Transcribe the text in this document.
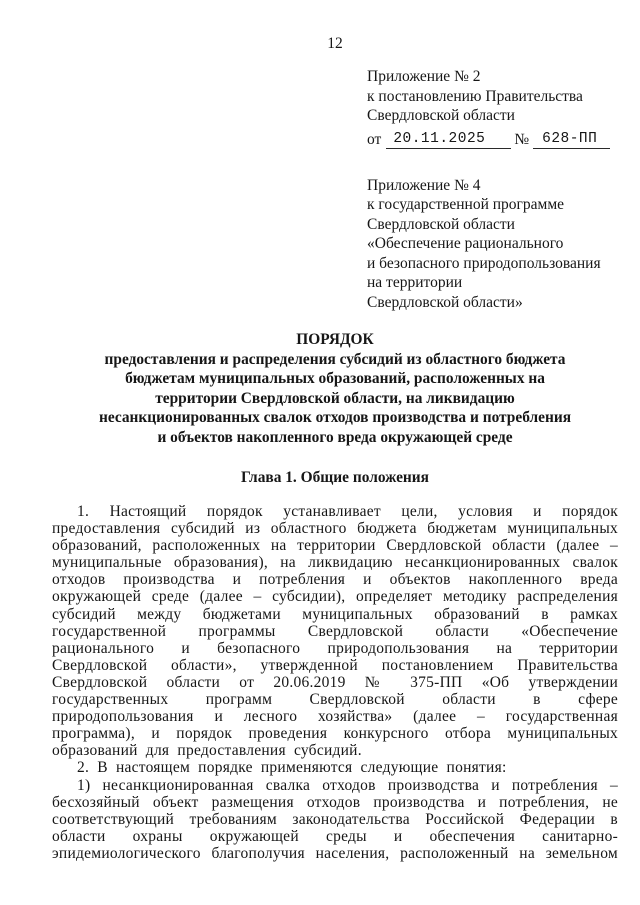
12
Приложение № 2
к постановлению Правительства
Свердловской области
от 20.11.2025	№ 628-ПП
Приложение № 4
к государственной программе
Свердловской области
«Обеспечение рационального
и безопасного природопользования
на территории
Свердловской области»
ПОРЯДОК
предоставления и распределения субсидий из областного бюджета бюджетам муниципальных образований, расположенных на территории Свердловской области, на ликвидацию несанкционированных свалок отходов производства и потребления и объектов накопленного вреда окружающей среде
Глава 1. Общие положения

1. Настоящий порядок устанавливает цели, условия и порядок предоставления субсидий из областного бюджета бюджетам муниципальных образований, расположенных на территории Свердловской области (далее – муниципальные образования), на ликвидацию несанкционированных свалок отходов производства и потребления и объектов накопленного вреда окружающей среде (далее – субсидии), определяет методику распределения субсидий между бюджетами муниципальных образований в рамках государственной программы Свердловской области «Обеспечение рационального и безопасного природопользования на территории Свердловской области», утвержденной постановлением Правительства Свердловской области от 20.06.2019 № 375-ПП «Об утверждении государственных программ Свердловской области в сфере природопользования и лесного хозяйства» (далее – государственная программа), и порядок проведения конкурсного отбора муниципальных образований для предоставления субсидий.

2. В настоящем порядке применяются следующие понятия:

1) несанкционированная свалка отходов производства и потребления – бесхозяйный объект размещения отходов производства и потребления, не соответствующий требованиям законодательства Российской Федерации в области охраны окружающей среды и обеспечения санитарно-эпидемиологического благополучия населения, расположенный на земельном
